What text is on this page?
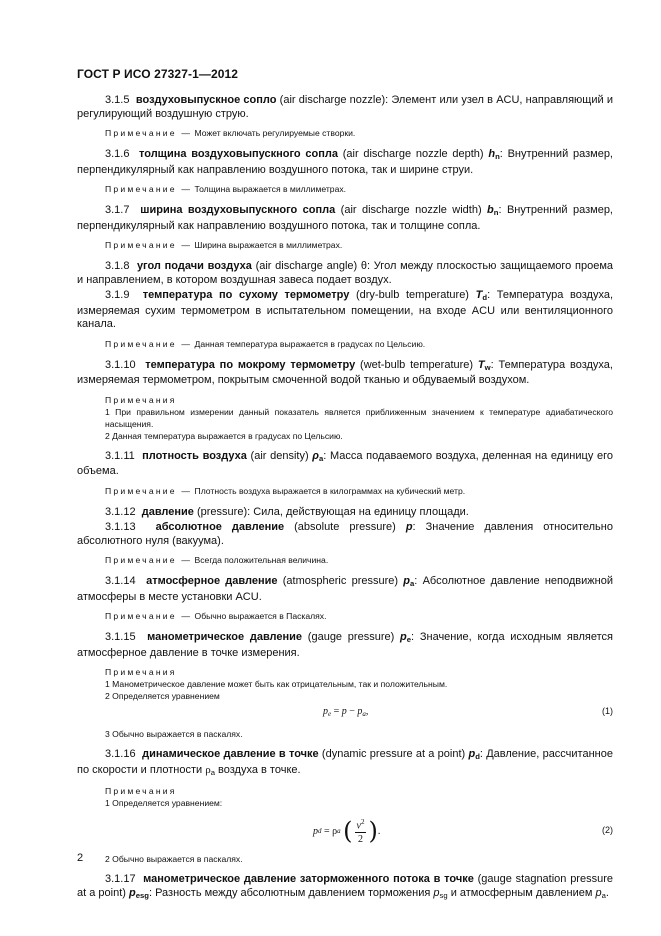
ГОСТ Р ИСО 27327-1—2012

3.1.5 воздуховыпускное сопло (air discharge nozzle): Элемент или узел в ACU, направляющий и регулирующий воздушную струю.

Примечание — Может включать регулируемые створки.

3.1.6 толщина воздуховыпускного сопла (air discharge nozzle depth) $h_n$: Внутренний размер, перпендикулярный как направлению воздушного потока, так и ширине струи.

Примечание — Толщина выражается в миллиметрах.

3.1.7 ширина воздуховыпускного сопла (air discharge nozzle width) $b_n$: Внутренний размер, перпендикулярный как направлению воздушного потока, так и толщине сопла.

Примечание — Ширина выражается в миллиметрах.

3.1.8 угол подачи воздуха (air discharge angle) θ: Угол между плоскостью защищаемого проема и направлением, в котором воздушная завеса подает воздух.

3.1.9 температура по сухому термометру (dry-bulb temperature) $T_d$: Температура воздуха, измеряемая сухим термометром в испытательном помещении, на входе ACU или вентиляционного канала.

Примечание — Данная температура выражается в градусах по Цельсию.

3.1.10 температура по мокрому термометру (wet-bulb temperature) $T_w$: Температура воздуха, измеряемая термометром, покрытым смоченной водой тканью и обдуваемый воздухом.

Примечания
1 При правильном измерении данный показатель является приближенным значением к температуре адиабатического насыщения.
2 Данная температура выражается в градусах по Цельсию.

3.1.11 плотность воздуха (air density) $\rho_a$: Масса подаваемого воздуха, деленная на единицу его объема.

Примечание — Плотность воздуха выражается в килограммах на кубический метр.

3.1.12 давление (pressure): Сила, действующая на единицу площади.

3.1.13 абсолютное давление (absolute pressure) p: Значение давления относительно абсолютного нуля (вакуума).

Примечание — Всегда положительная величина.

3.1.14 атмосферное давление (atmospheric pressure) $p_a$: Абсолютное давление неподвижной атмосферы в месте установки ACU.

Примечание — Обычно выражается в Паскалях.

3.1.15 манометрическое давление (gauge pressure) $p_e$: Значение, когда исходным является атмосферное давление в точке измерения.

Примечания
1 Манометрическое давление может быть как отрицательным, так и положительным.
2 Определяется уравнением
$p_e = p - p_a$,	(1)
3 Обычно выражается в паскалях.

3.1.16 динамическое давление в точке (dynamic pressure at a point) $p_d$: Давление, рассчитанное по скорости и плотности $\rho_a$ воздуха в точке.

Примечания
1 Определяется уравнением:
p d = ρ a
( $\frac{v^2}{2}$ ) .	(2)
2 Обычно выражается в паскалях.

3.1.17 манометрическое давление заторможенного потока в точке (gauge stagnation pressure at a point) $p_{esg}$: Разность между абсолютным давлением торможения $p_{sg}$ и атмосферным давлением $p_a$.

2
